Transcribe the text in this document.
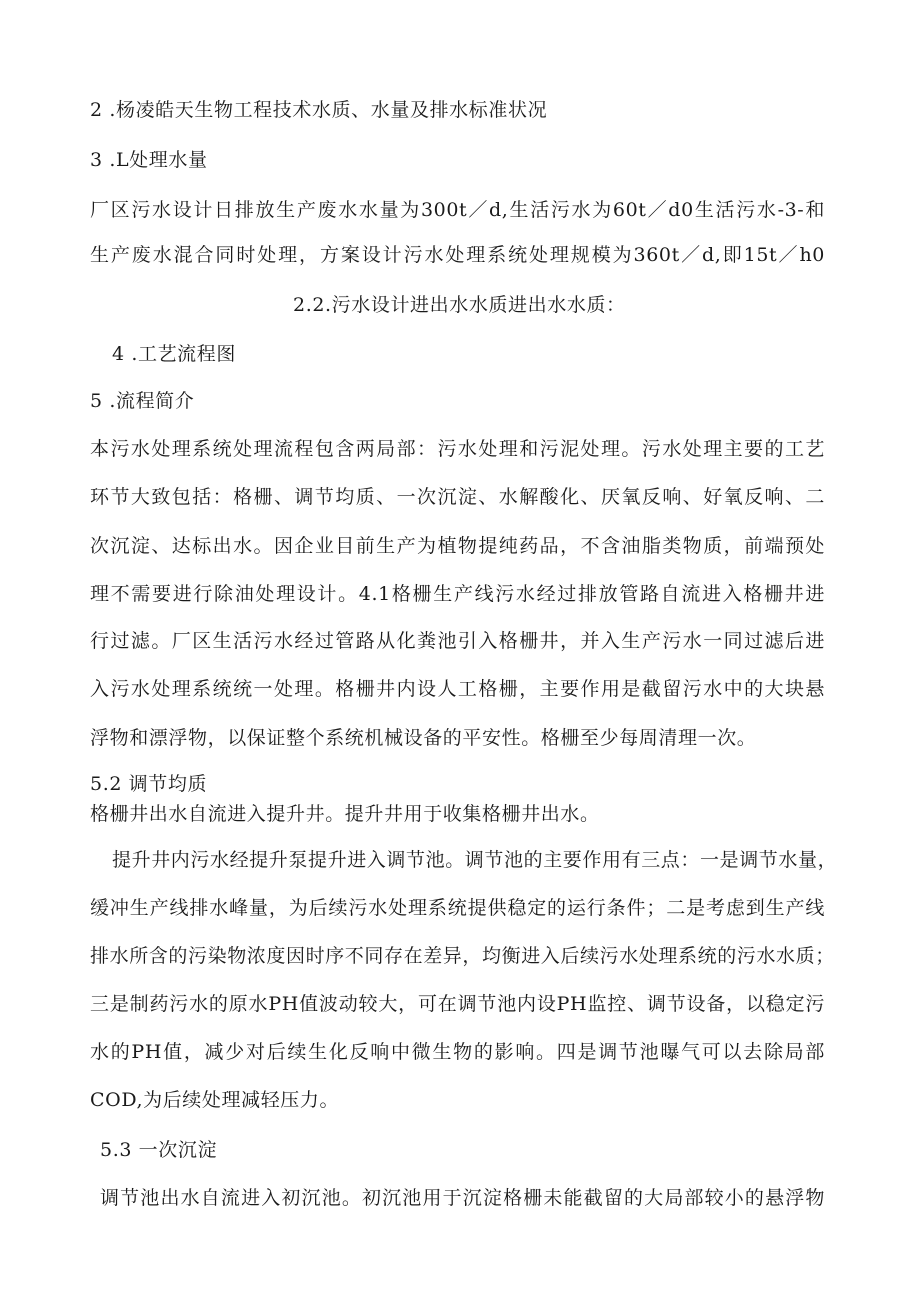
2 .杨凌皓天生物工程技术水质、水量及排水标准状况
3 .L处理水量
厂区污水设计日排放生产废水水量为300t／d,生活污水为60t／d0生活污水-3-和
生产废水混合同时处理，方案设计污水处理系统处理规模为360t／d,即15t／h0
2.2.污水设计进出水水质进出水水质：
4 .工艺流程图
5 .流程简介
本污水处理系统处理流程包含两局部：污水处理和污泥处理。污水处理主要的工艺
环节大致包括：格栅、调节均质、一次沉淀、水解酸化、厌氧反响、好氧反响、二
次沉淀、达标出水。因企业目前生产为植物提纯药品，不含油脂类物质，前端预处
理不需要进行除油处理设计。4.1格栅生产线污水经过排放管路自流进入格栅井进
行过滤。厂区生活污水经过管路从化粪池引入格栅井，并入生产污水一同过滤后进
入污水处理系统统一处理。格栅井内设人工格栅，主要作用是截留污水中的大块悬
浮物和漂浮物，以保证整个系统机械设备的平安性。格栅至少每周清理一次。
5.2 调节均质
格栅井出水自流进入提升井。提升井用于收集格栅井出水。
提升井内污水经提升泵提升进入调节池。调节池的主要作用有三点：一是调节水量，
缓冲生产线排水峰量，为后续污水处理系统提供稳定的运行条件；二是考虑到生产线
排水所含的污染物浓度因时序不同存在差异，均衡进入后续污水处理系统的污水水质；
三是制药污水的原水PH值波动较大，可在调节池内设PH监控、调节设备，以稳定污
水的PH值，减少对后续生化反响中微生物的影响。四是调节池曝气可以去除局部
COD,为后续处理减轻压力。
5.3 一次沉淀
调节池出水自流进入初沉池。初沉池用于沉淀格栅未能截留的大局部较小的悬浮物
